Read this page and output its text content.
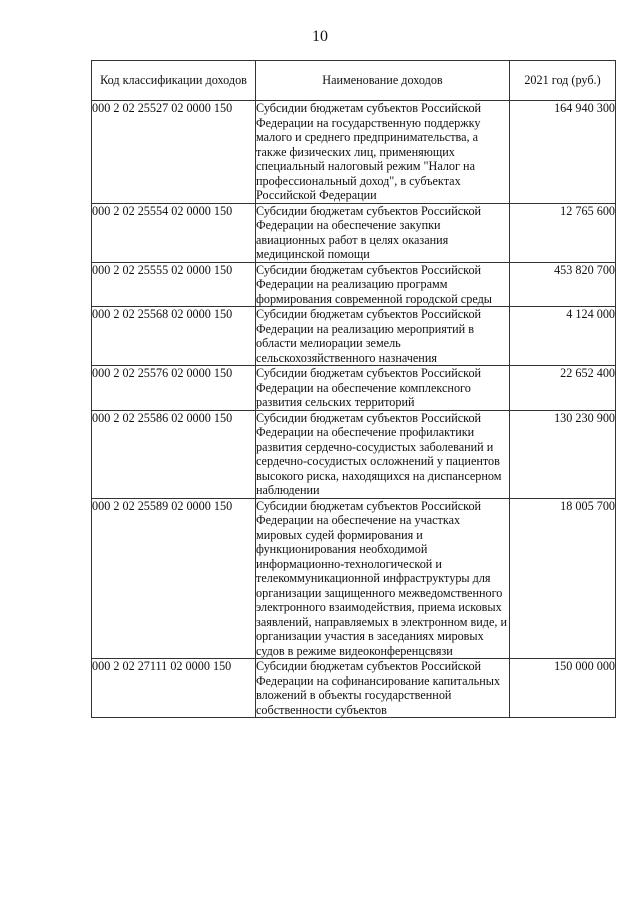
10
Код классификации доходов	Наименование доходов	2021 год (руб.)
000 2 02 25527 02 0000 150	Субсидии бюджетам субъектов Российской Федерации на государственную поддержку малого и среднего предпринимательства, а также физических лиц, применяющих специальный налоговый режим "Налог на профессиональный доход", в субъектах Российской Федерации	164 940 300
000 2 02 25554 02 0000 150	Субсидии бюджетам субъектов Российской Федерации на обеспечение закупки авиационных работ в целях оказания медицинской помощи	12 765 600
000 2 02 25555 02 0000 150	Субсидии бюджетам субъектов Российской Федерации на реализацию программ формирования современной городской среды	453 820 700
000 2 02 25568 02 0000 150	Субсидии бюджетам субъектов Российской Федерации на реализацию мероприятий в области мелиорации земель сельскохозяйственного назначения	4 124 000
000 2 02 25576 02 0000 150	Субсидии бюджетам субъектов Российской Федерации на обеспечение комплексного развития сельских территорий	22 652 400
000 2 02 25586 02 0000 150	Субсидии бюджетам субъектов Российской Федерации на обеспечение профилактики развития сердечно-сосудистых заболеваний и сердечно-сосудистых осложнений у пациентов высокого риска, находящихся на диспансерном наблюдении	130 230 900
000 2 02 25589 02 0000 150	Субсидии бюджетам субъектов Российской Федерации на обеспечение на участках мировых судей формирования и функционирования необходимой информационно-технологической и телекоммуникационной инфраструктуры для организации защищенного межведомственного электронного взаимодействия, приема исковых заявлений, направляемых в электронном виде, и организации участия в заседаниях мировых судов в режиме видеоконференцсвязи	18 005 700
000 2 02 27111 02 0000 150	Субсидии бюджетам субъектов Российской Федерации на софинансирование капитальных вложений в объекты государственной собственности субъектов	150 000 000
